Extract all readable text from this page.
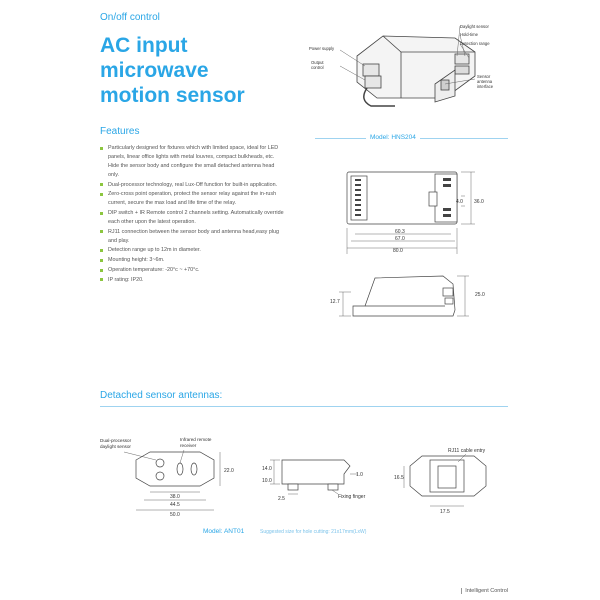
On/off control
AC input microwave
motion sensor
Daylight sensor
Hold-time
Detection range
Power supply
Output
control
Sensor
antenna
interface
Features
Particularly designed for fixtures which with limited space, ideal for LED panels, linear office lights with metal louvres, compact bulkheads, etc. Hide the sensor body and configure the small detached antenna head only.
Dual-processor technology, real Lux-Off function for built-in application.
Zero-cross point operation, protect the sensor relay against the in-rush current, secure the max load and life time of the relay.
DIP switch + IR Remote control 2 channels setting. Automatically override each other upon the latest operation.
RJ11 connection between the sensor body and antenna head,easy plug and play.
Detection range up to 12m in diameter.
Mounting height: 3~6m.
Operation temperature: -20°c ~ +70°c.
IP rating: IP20.
Model: HNS204
60.3
67.0
80.0
4.0 36.0
12.7
25.0
Detached sensor antennas:
Dual-processor
daylight sensor
Infrared remote
receiver
22.0
38.0
44.5
50.0
14.0
10.0
1.0
2.5	Fixing finger
RJ11 cable entry
16.5
17.5
Model: ANT01	Suggested size for hole cutting: 21x17mm(LxW)
Intelligent Control
